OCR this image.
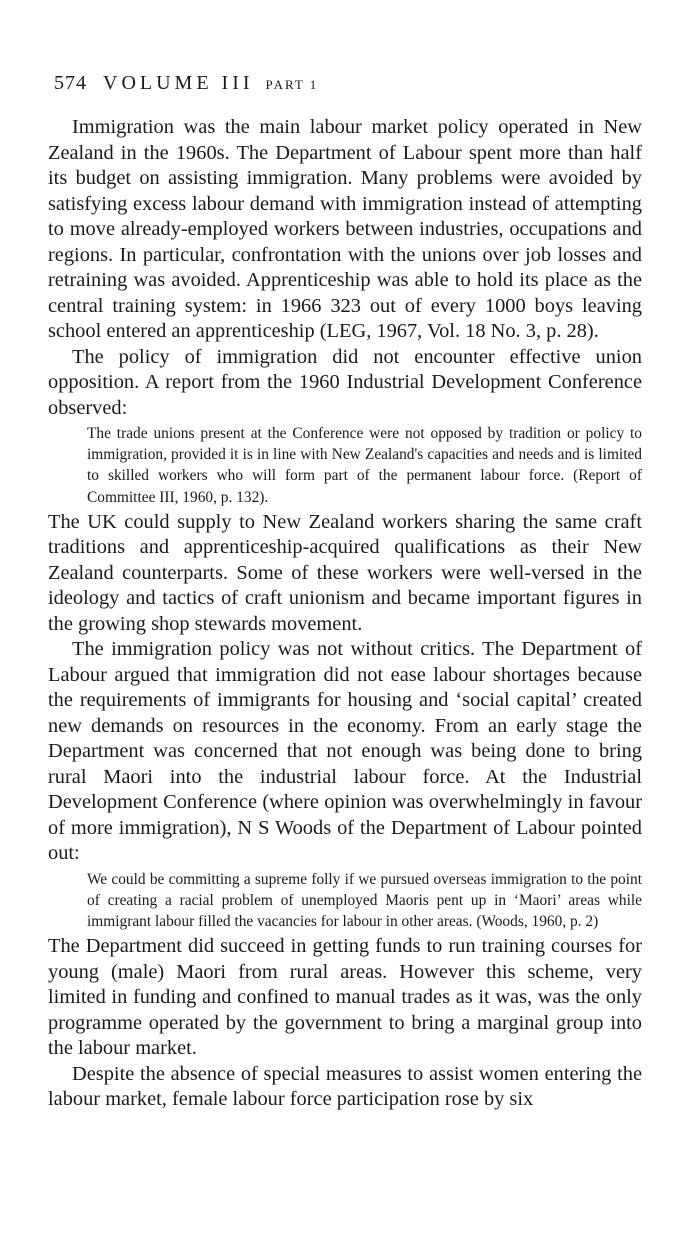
574 VOLUME III PART 1

Immigration was the main labour market policy operated in New Zealand in the 1960s. The Department of Labour spent more than half its budget on assisting immigration. Many problems were avoided by satisfying excess labour demand with immigration instead of attempting to move already-employed workers between industries, occupations and regions. In particular, confrontation with the unions over job losses and retraining was avoided. Apprenticeship was able to hold its place as the central training system: in 1966 323 out of every 1000 boys leaving school entered an apprenticeship (LEG, 1967, Vol. 18 No. 3, p. 28).

The policy of immigration did not encounter effective union opposition. A report from the 1960 Industrial Development Conference observed:

The trade unions present at the Conference were not opposed by tradition or policy to immigration, provided it is in line with New Zealand's capacities and needs and is limited to skilled workers who will form part of the permanent labour force. (Report of Committee III, 1960, p. 132).

The UK could supply to New Zealand workers sharing the same craft traditions and apprenticeship-acquired qualifications as their New Zealand counterparts. Some of these workers were well-versed in the ideology and tactics of craft unionism and became important figures in the growing shop stewards movement.

The immigration policy was not without critics. The Department of Labour argued that immigration did not ease labour shortages because the requirements of immigrants for housing and ‘social capital’ created new demands on resources in the economy. From an early stage the Department was concerned that not enough was being done to bring rural Maori into the industrial labour force. At the Industrial Development Conference (where opinion was overwhelmingly in favour of more immigration), N S Woods of the Department of Labour pointed out:

We could be committing a supreme folly if we pursued overseas immigration to the point of creating a racial problem of unemployed Maoris pent up in ‘Maori’ areas while immigrant labour filled the vacancies for labour in other areas. (Woods, 1960, p. 2)

The Department did succeed in getting funds to run training courses for young (male) Maori from rural areas. However this scheme, very limited in funding and confined to manual trades as it was, was the only programme operated by the government to bring a marginal group into the labour market.

Despite the absence of special measures to assist women entering the labour market, female labour force participation rose by six
